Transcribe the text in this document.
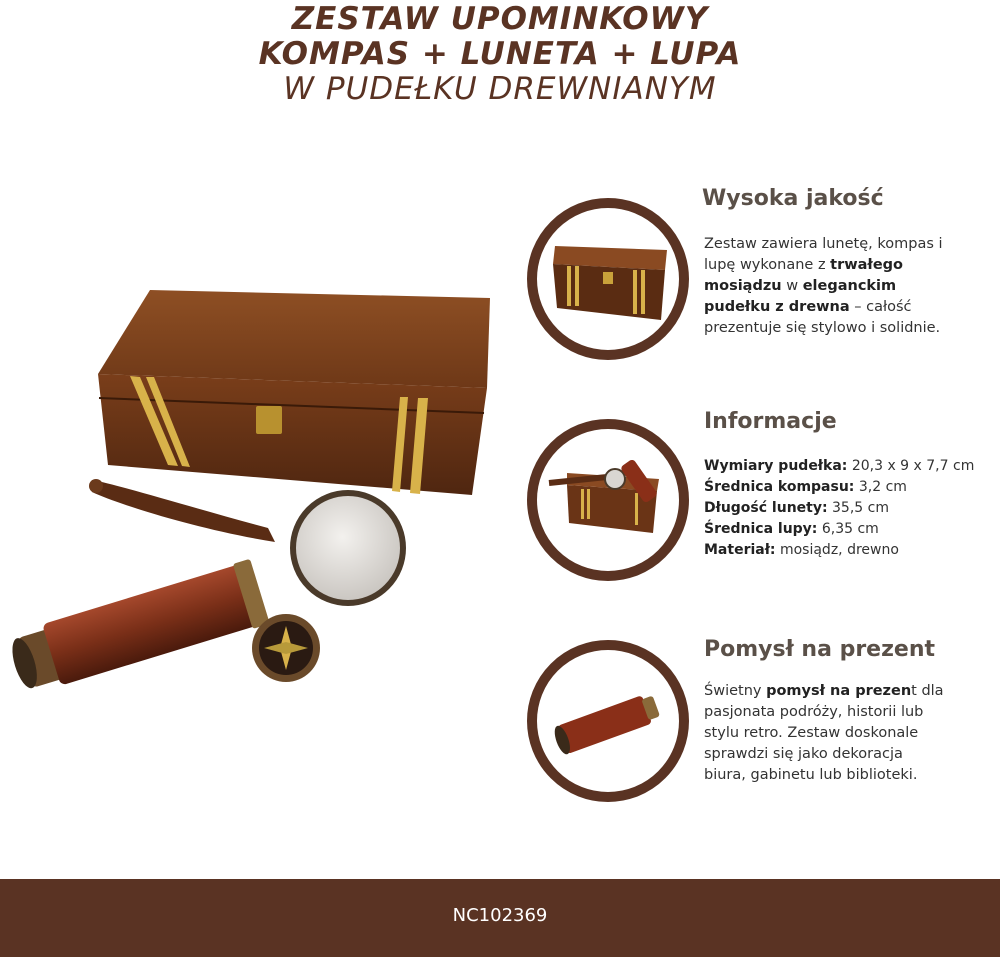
ZESTAW UPOMINKOWY
KOMPAS + LUNETA + LUPA
W PUDEŁKU DREWNIANYM
Wysoka jakość
Zestaw zawiera lunetę, kompas i lupę wykonane z trwałego mosiądzu w eleganckim pudełku z drewna – całość prezentuje się stylowo i solidnie.
Informacje
Wymiary pudełka: 20,3 x 9 x 7,7 cm
Średnica kompasu: 3,2 cm
Długość lunety: 35,5 cm
Średnica lupy: 6,35 cm
Materiał: mosiądz, drewno
Pomysł na prezent
Świetny pomysł na prezent dla pasjonata podróży, historii lub stylu retro. Zestaw doskonale sprawdzi się jako dekoracja biura, gabinetu lub biblioteki.
NC102369
